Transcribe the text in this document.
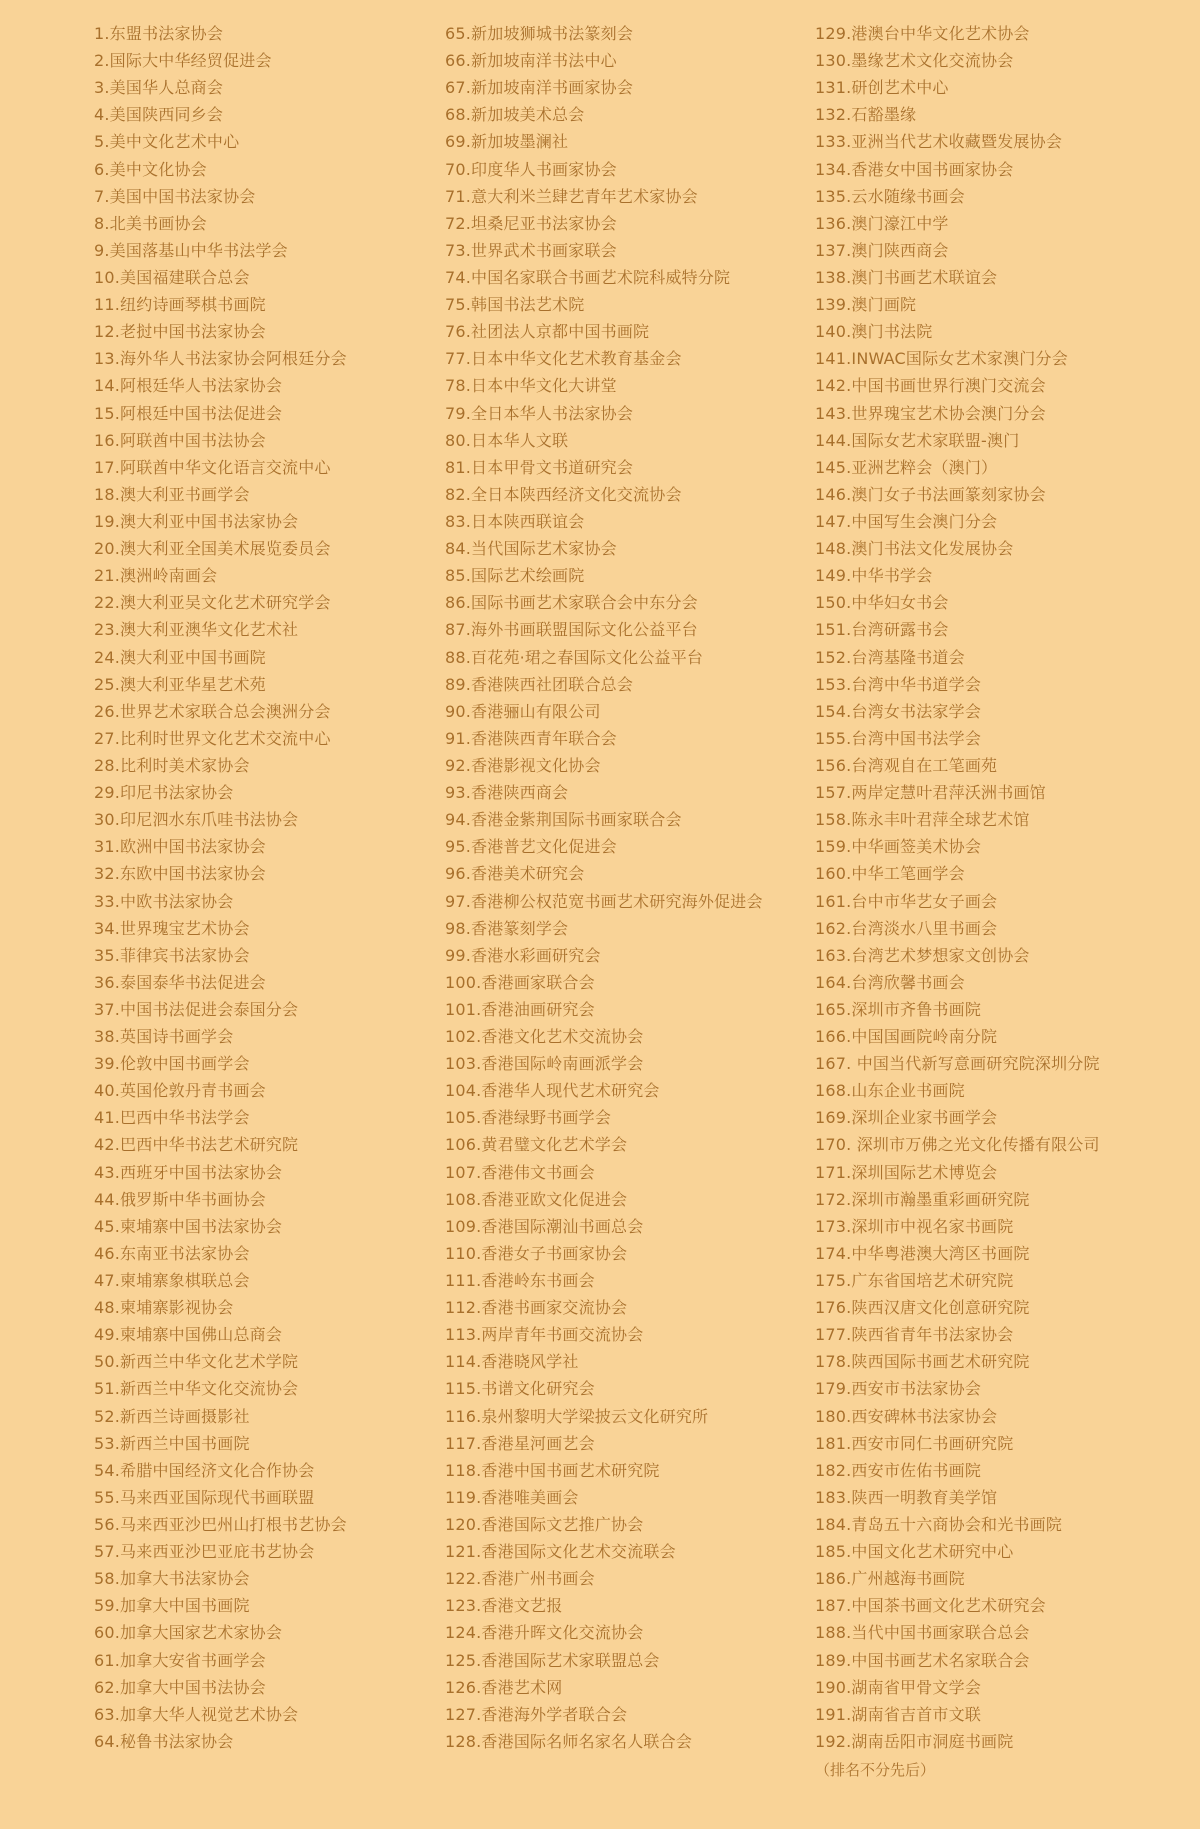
1.东盟书法家协会
2.国际大中华经贸促进会
3.美国华人总商会
4.美国陕西同乡会
5.美中文化艺术中心
6.美中文化协会
7.美国中国书法家协会
8.北美书画协会
9.美国落基山中华书法学会
10.美国福建联合总会
11.纽约诗画琴棋书画院
12.老挝中国书法家协会
13.海外华人书法家协会阿根廷分会
14.阿根廷华人书法家协会
15.阿根廷中国书法促进会
16.阿联酋中国书法协会
17.阿联酋中华文化语言交流中心
18.澳大利亚书画学会
19.澳大利亚中国书法家协会
20.澳大利亚全国美术展览委员会
21.澳洲岭南画会
22.澳大利亚吴文化艺术研究学会
23.澳大利亚澳华文化艺术社
24.澳大利亚中国书画院
25.澳大利亚华星艺术苑
26.世界艺术家联合总会澳洲分会
27.比利时世界文化艺术交流中心
28.比利时美术家协会
29.印尼书法家协会
30.印尼泗水东爪哇书法协会
31.欧洲中国书法家协会
32.东欧中国书法家协会
33.中欧书法家协会
34.世界瑰宝艺术协会
35.菲律宾书法家协会
36.泰国泰华书法促进会
37.中国书法促进会泰国分会
38.英国诗书画学会
39.伦敦中国书画学会
40.英国伦敦丹青书画会
41.巴西中华书法学会
42.巴西中华书法艺术研究院
43.西班牙中国书法家协会
44.俄罗斯中华书画协会
45.柬埔寨中国书法家协会
46.东南亚书法家协会
47.柬埔寨象棋联总会
48.柬埔寨影视协会
49.柬埔寨中国佛山总商会
50.新西兰中华文化艺术学院
51.新西兰中华文化交流协会
52.新西兰诗画摄影社
53.新西兰中国书画院
54.希腊中国经济文化合作协会
55.马来西亚国际现代书画联盟
56.马来西亚沙巴州山打根书艺协会
57.马来西亚沙巴亚庇书艺协会
58.加拿大书法家协会
59.加拿大中国书画院
60.加拿大国家艺术家协会
61.加拿大安省书画学会
62.加拿大中国书法协会
63.加拿大华人视觉艺术协会
64.秘鲁书法家协会
65.新加坡狮城书法篆刻会
66.新加坡南洋书法中心
67.新加坡南洋书画家协会
68.新加坡美术总会
69.新加坡墨澜社
70.印度华人书画家协会
71.意大利米兰肆艺青年艺术家协会
72.坦桑尼亚书法家协会
73.世界武术书画家联会
74.中国名家联合书画艺术院科威特分院
75.韩国书法艺术院
76.社团法人京都中国书画院
77.日本中华文化艺术教育基金会
78.日本中华文化大讲堂
79.全日本华人书法家协会
80.日本华人文联
81.日本甲骨文书道研究会
82.全日本陕西经济文化交流协会
83.日本陕西联谊会
84.当代国际艺术家协会
85.国际艺术绘画院
86.国际书画艺术家联合会中东分会
87.海外书画联盟国际文化公益平台
88.百花苑·珺之春国际文化公益平台
89.香港陕西社团联合总会
90.香港骊山有限公司
91.香港陕西青年联合会
92.香港影视文化协会
93.香港陕西商会
94.香港金紫荆国际书画家联合会
95.香港普艺文化促进会
96.香港美术研究会
97.香港柳公权范宽书画艺术研究海外促进会
98.香港篆刻学会
99.香港水彩画研究会
100.香港画家联合会
101.香港油画研究会
102.香港文化艺术交流协会
103.香港国际岭南画派学会
104.香港华人现代艺术研究会
105.香港绿野书画学会
106.黄君璧文化艺术学会
107.香港伟文书画会
108.香港亚欧文化促进会
109.香港国际潮汕书画总会
110.香港女子书画家协会
111.香港岭东书画会
112.香港书画家交流协会
113.两岸青年书画交流协会
114.香港晓风学社
115.书谱文化研究会
116.泉州黎明大学梁披云文化研究所
117.香港星河画艺会
118.香港中国书画艺术研究院
119.香港唯美画会
120.香港国际文艺推广协会
121.香港国际文化艺术交流联会
122.香港广州书画会
123.香港文艺报
124.香港升晖文化交流协会
125.香港国际艺术家联盟总会
126.香港艺术网
127.香港海外学者联合会
128.香港国际名师名家名人联合会
129.港澳台中华文化艺术协会
130.墨缘艺术文化交流协会
131.研创艺术中心
132.石豁墨缘
133.亚洲当代艺术收藏暨发展协会
134.香港女中国书画家协会
135.云水随缘书画会
136.澳门濠江中学
137.澳门陕西商会
138.澳门书画艺术联谊会
139.澳门画院
140.澳门书法院
141.INWAC国际女艺术家澳门分会
142.中国书画世界行澳门交流会
143.世界瑰宝艺术协会澳门分会
144.国际女艺术家联盟-澳门
145.亚洲艺粹会（澳门）
146.澳门女子书法画篆刻家协会
147.中国写生会澳门分会
148.澳门书法文化发展协会
149.中华书学会
150.中华妇女书会
151.台湾研露书会
152.台湾基隆书道会
153.台湾中华书道学会
154.台湾女书法家学会
155.台湾中国书法学会
156.台湾观自在工笔画苑
157.两岸定慧叶君萍沃洲书画馆
158.陈永丰叶君萍全球艺术馆
159.中华画签美术协会
160.中华工笔画学会
161.台中市华艺女子画会
162.台湾淡水八里书画会
163.台湾艺术梦想家文创协会
164.台湾欣馨书画会
165.深圳市齐鲁书画院
166.中国国画院岭南分院
167. 中国当代新写意画研究院深圳分院
168.山东企业书画院
169.深圳企业家书画学会
170. 深圳市万佛之光文化传播有限公司
171.深圳国际艺术博览会
172.深圳市瀚墨重彩画研究院
173.深圳市中视名家书画院
174.中华粤港澳大湾区书画院
175.广东省国培艺术研究院
176.陕西汉唐文化创意研究院
177.陕西省青年书法家协会
178.陕西国际书画艺术研究院
179.西安市书法家协会
180.西安碑林书法家协会
181.西安市同仁书画研究院
182.西安市佐佑书画院
183.陕西一明教育美学馆
184.青岛五十六商协会和光书画院
185.中国文化艺术研究中心
186.广州越海书画院
187.中国茶书画文化艺术研究会
188.当代中国书画家联合总会
189.中国书画艺术名家联合会
190.湖南省甲骨文学会
191.湖南省吉首市文联
192.湖南岳阳市洞庭书画院
（排名不分先后）
